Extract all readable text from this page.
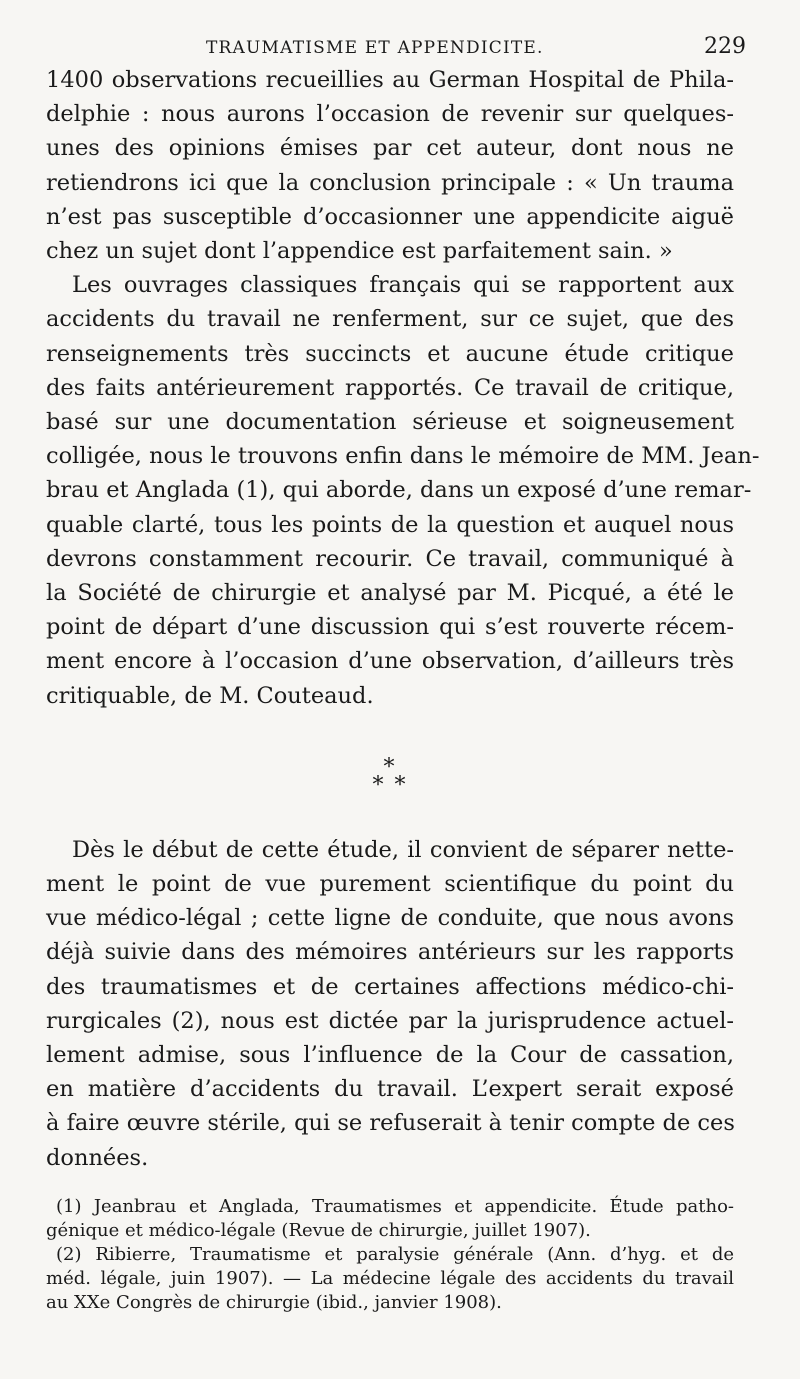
TRAUMATISME ET APPENDICITE.	229
1400 observations recueillies au German Hospital de Phila-
delphie : nous aurons l’occasion de revenir sur quelques-
unes des opinions émises par cet auteur, dont nous ne
retiendrons ici que la conclusion principale : « Un trauma
n’est pas susceptible d’occasionner une appendicite aiguë
chez un sujet dont l’appendice est parfaitement sain. »
Les ouvrages classiques français qui se rapportent aux
accidents du travail ne renferment, sur ce sujet, que des
renseignements très succincts et aucune étude critique
des faits antérieurement rapportés. Ce travail de critique,
basé sur une documentation sérieuse et soigneusement
colligée, nous le trouvons enfin dans le mémoire de MM. Jean-
brau et Anglada (1), qui aborde, dans un exposé d’une remar-
quable clarté, tous les points de la question et auquel nous
devrons constamment recourir. Ce travail, communiqué à
la Société de chirurgie et analysé par M. Picqué, a été le
point de départ d’une discussion qui s’est rouverte récem-
ment encore à l’occasion d’une observation, d’ailleurs très
critiquable, de M. Couteaud.
*
* *
Dès le début de cette étude, il convient de séparer nette-
ment le point de vue purement scientifique du point du
vue médico-légal ; cette ligne de conduite, que nous avons
déjà suivie dans des mémoires antérieurs sur les rapports
des traumatismes et de certaines affections médico-chi-
rurgicales (2), nous est dictée par la jurisprudence actuel-
lement admise, sous l’influence de la Cour de cassation,
en matière d’accidents du travail. L’expert serait exposé
à faire œuvre stérile, qui se refuserait à tenir compte de ces
données.
(1) Jeanbrau et Anglada, Traumatismes et appendicite. Étude patho-
génique et médico-légale (Revue de chirurgie, juillet 1907).
(2) Ribierre, Traumatisme et paralysie générale (Ann. d’hyg. et de
méd. légale, juin 1907). — La médecine légale des accidents du travail
au XXe Congrès de chirurgie (ibid., janvier 1908).
